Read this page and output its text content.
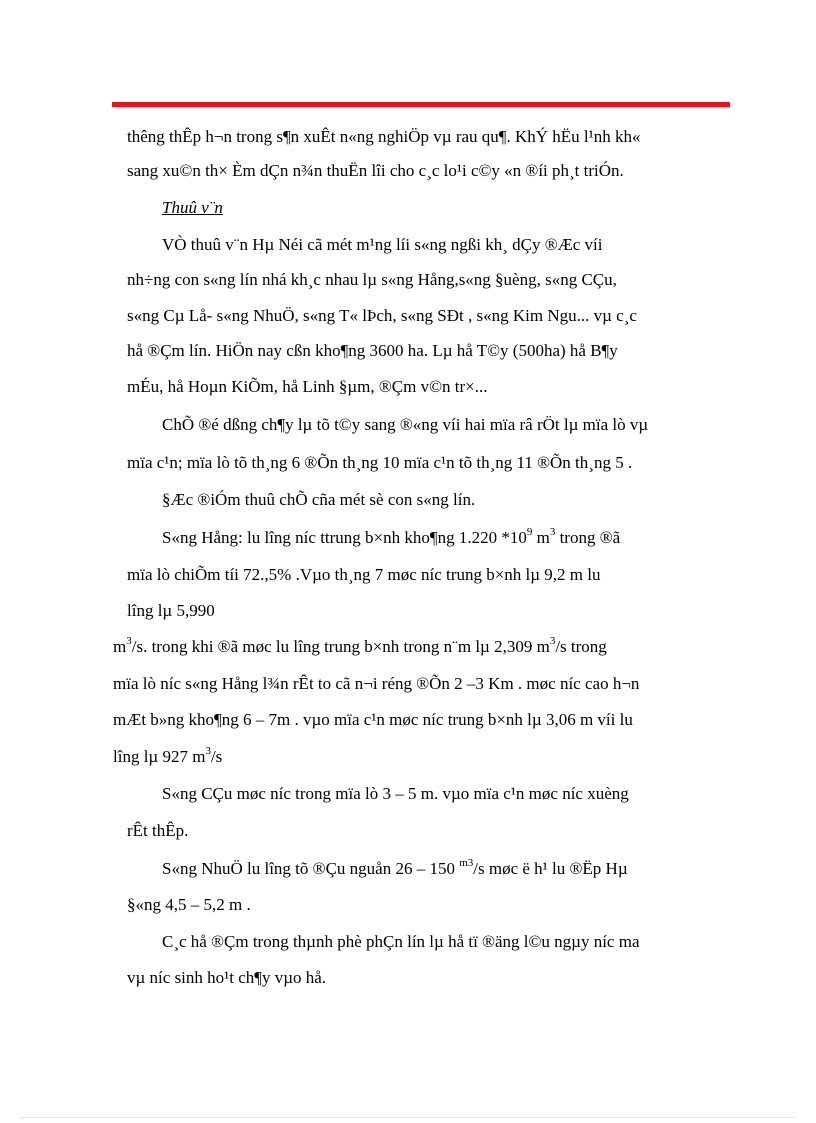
thêng thÊp h¬n trong s¶n xuÊt n«ng nghiÖp vµ rau qu¶. KhÝ hËu l¹nh kh«
sang xu©n th× Èm dÇn n¾n thuËn lîi cho c¸c lo¹i c©y «n ®íi ph¸t triÓn.
Thuû v¨n
VÒ thuû v¨n Hµ Néi cã mét m¹ng líi s«ng ngßi kh¸ dÇy ®Æc víi
nh÷ng con s«ng lín nhá kh¸c nhau lµ s«ng Hång,s«ng §uèng, s«ng CÇu,
s«ng Cµ Lå- s«ng NhuÖ, s«ng T« lÞch, s«ng SÐt , s«ng Kim Ngu... vµ c¸c
hå ®Çm lín. HiÖn nay cßn kho¶ng 3600 ha. Lµ hå T©y (500ha) hå B¶y
mÉu, hå Hoµn KiÕm, hå Linh §µm, ®Çm v©n tr×...
ChÕ ®é dßng ch¶y lµ tõ t©y sang ®«ng víi hai mïa râ rÖt lµ mïa lò vµ
mïa c¹n; mïa lò tõ th¸ng 6 ®Õn th¸ng 10 mïa c¹n tõ th¸ng 11 ®Õn th¸ng 5 .
§Æc ®iÓm thuû chÕ cña mét sè con s«ng lín.
S«ng Hång: lu lîng níc ttrung b×nh kho¶ng 1.220 $*10^9$ $m^3$ trong ®ã
mïa lò chiÕm tíi 72.,5% .Vµo th¸ng 7 møc níc trung b×nh lµ 9,2 m lu
lîng lµ 5,990
$m^3/s$. trong khi ®ã møc lu lîng trung b×nh trong n¨m lµ 2,309 $m^3/s$ trong
mïa lò níc s«ng Hång l¾n rÊt to cã n¬i réng ®Õn 2 –3 Km . møc níc cao h¬n
mÆt b»ng kho¶ng 6 – 7m . vµo mïa c¹n møc níc trung b×nh lµ 3,06 m víi lu
lîng lµ 927 $m^3/s$
S«ng CÇu møc níc trong mïa lò 3 – 5 m. vµo mïa c¹n møc níc xuèng
rÊt thÊp.
S«ng NhuÖ lu lîng tõ ®Çu nguån 26 – 150 $^{m3}$/s møc ë h¹ lu ®Ëp Hµ
§«ng 4,5 – 5,2 m .
C¸c hå ®Çm trong thµnh phè phÇn lín lµ hå tï ®äng l©u ngµy níc ma
vµ níc sinh ho¹t ch¶y vµo hå.
